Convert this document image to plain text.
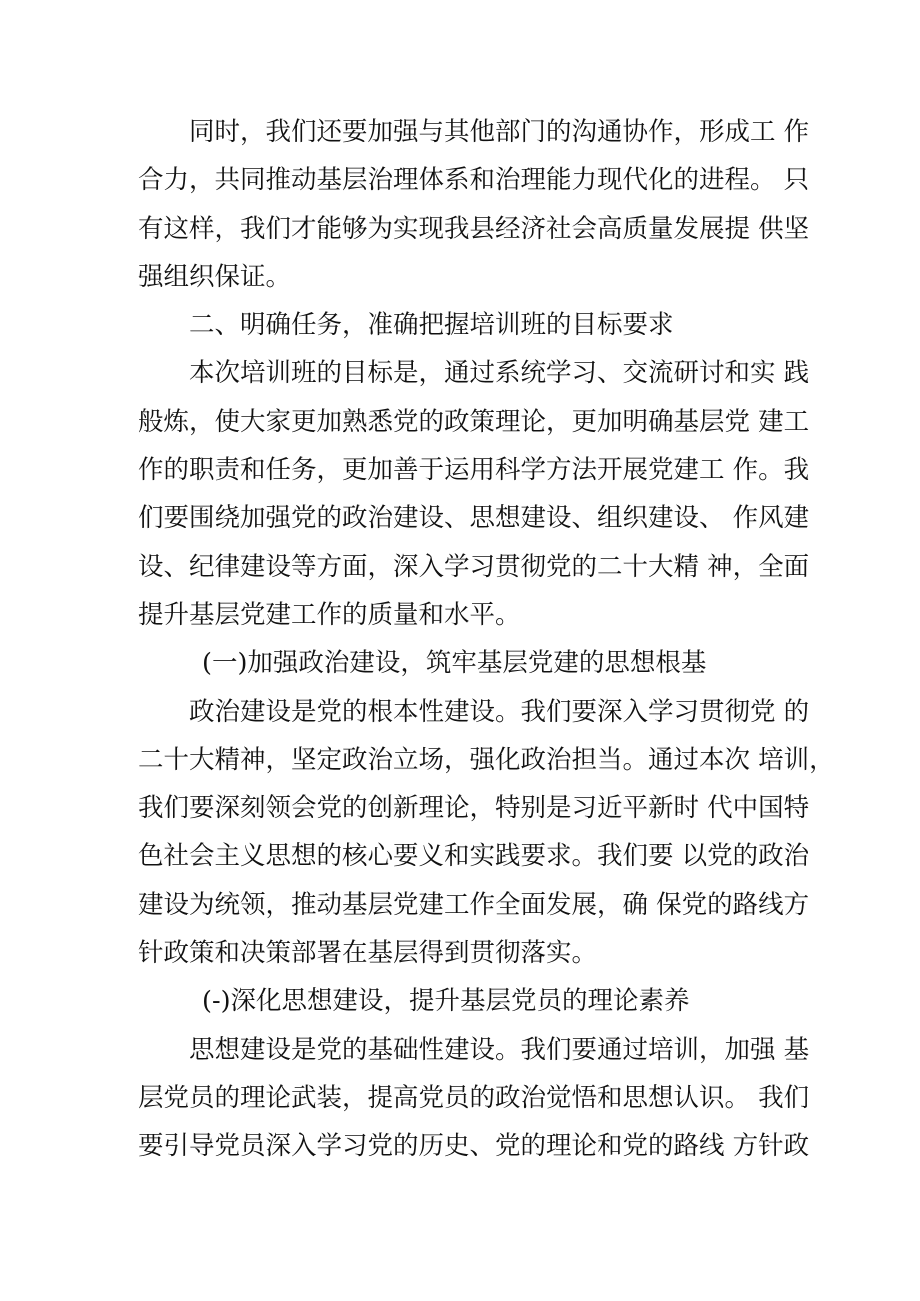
同时，我们还要加强与其他部门的沟通协作，形成工 作
合力，共同推动基层治理体系和治理能力现代化的进程。 只
有这样，我们才能够为实现我县经济社会高质量发展提 供坚
强组织保证。
二、明确任务，准确把握培训班的目标要求
本次培训班的目标是，通过系统学习、交流研讨和实 践
般炼，使大家更加熟悉党的政策理论，更加明确基层党 建工
作的职责和任务，更加善于运用科学方法开展党建工 作。我
们要围绕加强党的政治建设、思想建设、组织建设、 作风建
设、纪律建设等方面，深入学习贯彻党的二十大精 神，全面
提升基层党建工作的质量和水平。
(一)加强政治建设，筑牢基层党建的思想根基
政治建设是党的根本性建设。我们要深入学习贯彻党 的
二十大精神，坚定政治立场，强化政治担当。通过本次 培训，
我们要深刻领会党的创新理论，特别是习近平新时 代中国特
色社会主义思想的核心要义和实践要求。我们要 以党的政治
建设为统领，推动基层党建工作全面发展，确 保党的路线方
针政策和决策部署在基层得到贯彻落实。
(-)深化思想建设，提升基层党员的理论素养
思想建设是党的基础性建设。我们要通过培训，加强 基
层党员的理论武装，提高党员的政治觉悟和思想认识。 我们
要引导党员深入学习党的历史、党的理论和党的路线 方针政
